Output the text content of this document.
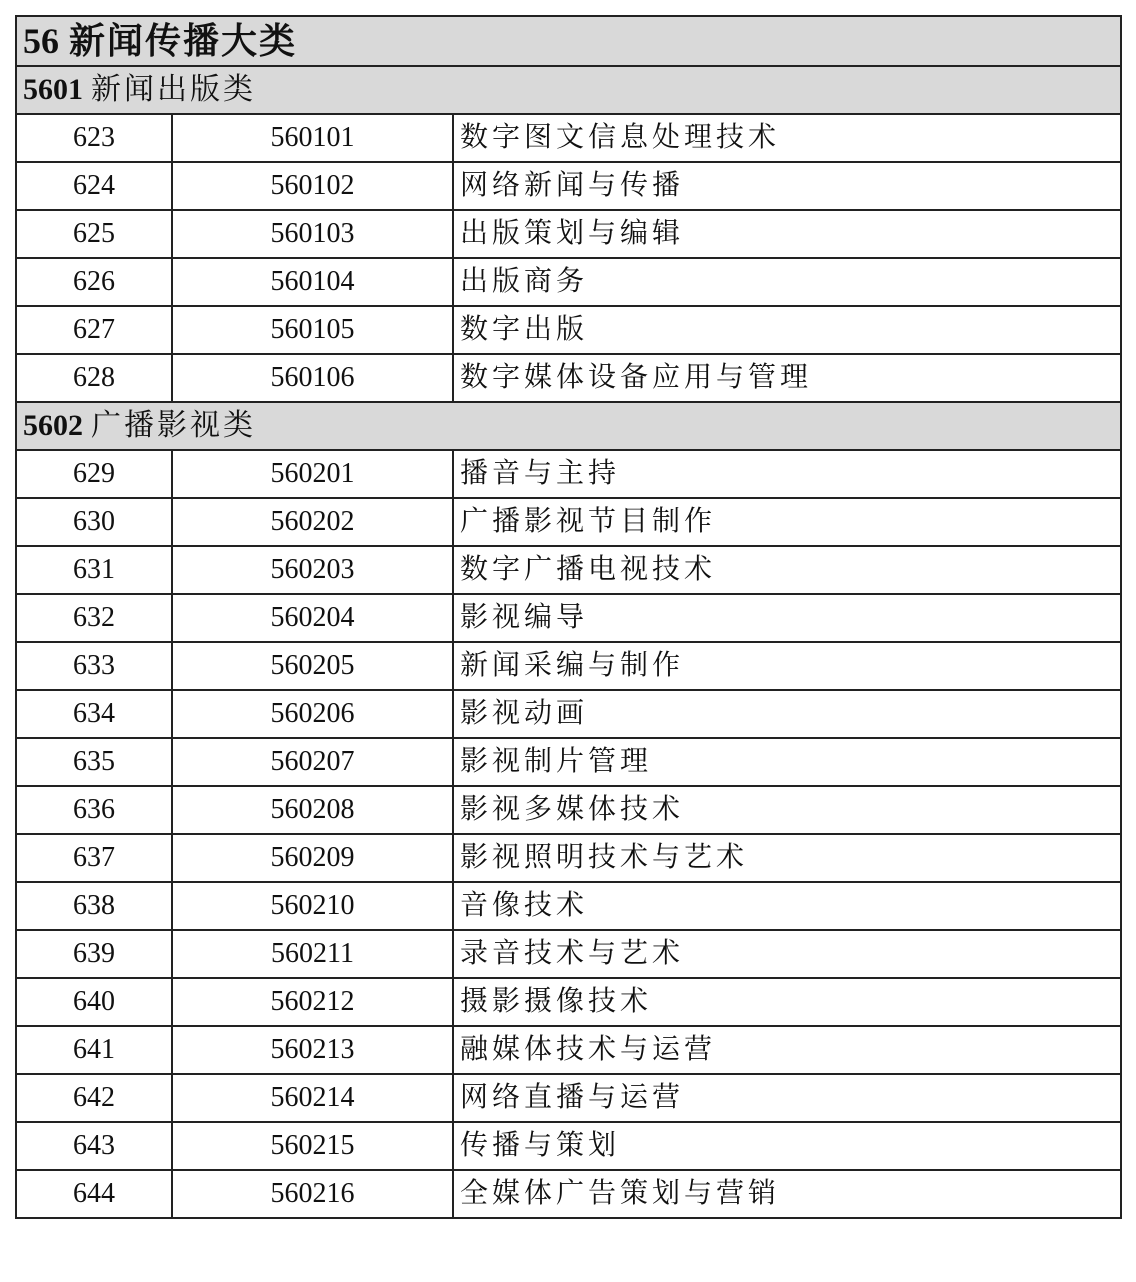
56 新闻传播大类		
5601 新闻出版类		
623	560101	数字图文信息处理技术
624	560102	网络新闻与传播
625	560103	出版策划与编辑
626	560104	出版商务
627	560105	数字出版
628	560106	数字媒体设备应用与管理
5602 广播影视类		
629	560201	播音与主持
630	560202	广播影视节目制作
631	560203	数字广播电视技术
632	560204	影视编导
633	560205	新闻采编与制作
634	560206	影视动画
635	560207	影视制片管理
636	560208	影视多媒体技术
637	560209	影视照明技术与艺术
638	560210	音像技术
639	560211	录音技术与艺术
640	560212	摄影摄像技术
641	560213	融媒体技术与运营
642	560214	网络直播与运营
643	560215	传播与策划
644	560216	全媒体广告策划与营销
